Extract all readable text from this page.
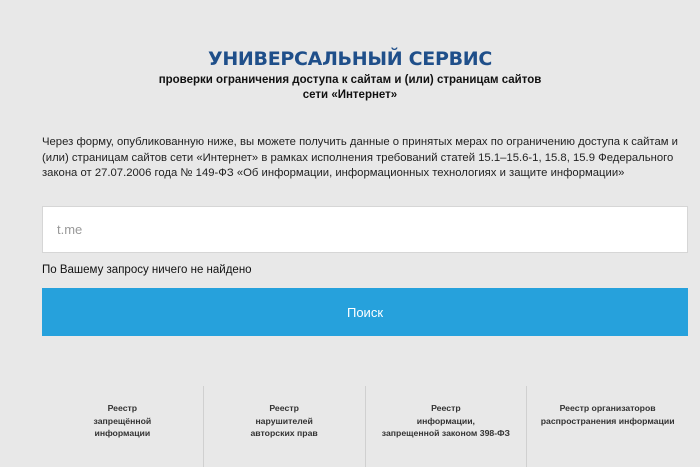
УНИВЕРСАЛЬНЫЙ СЕРВИС
проверки ограничения доступа к сайтам и (или) страницам сайтов
сети «Интернет»

Через форму, опубликованную ниже, вы можете получить данные о принятых мерах по ограничению доступа к сайтам и (или) страницам сайтов сети «Интернет» в рамках исполнения требований статей 15.1–15.6-1, 15.8, 15.9 Федерального закона от 27.07.2006 года № 149-ФЗ «Об информации, информационных технологиях и защите информации»

t.me
По Вашему запросу ничего не найдено
Поиск
Реестр
запрещённой
информации
Реестр
нарушителей
авторских прав
Реестр
информации,
запрещенной законом 398-ФЗ
Реестр организаторов
распространения информации
